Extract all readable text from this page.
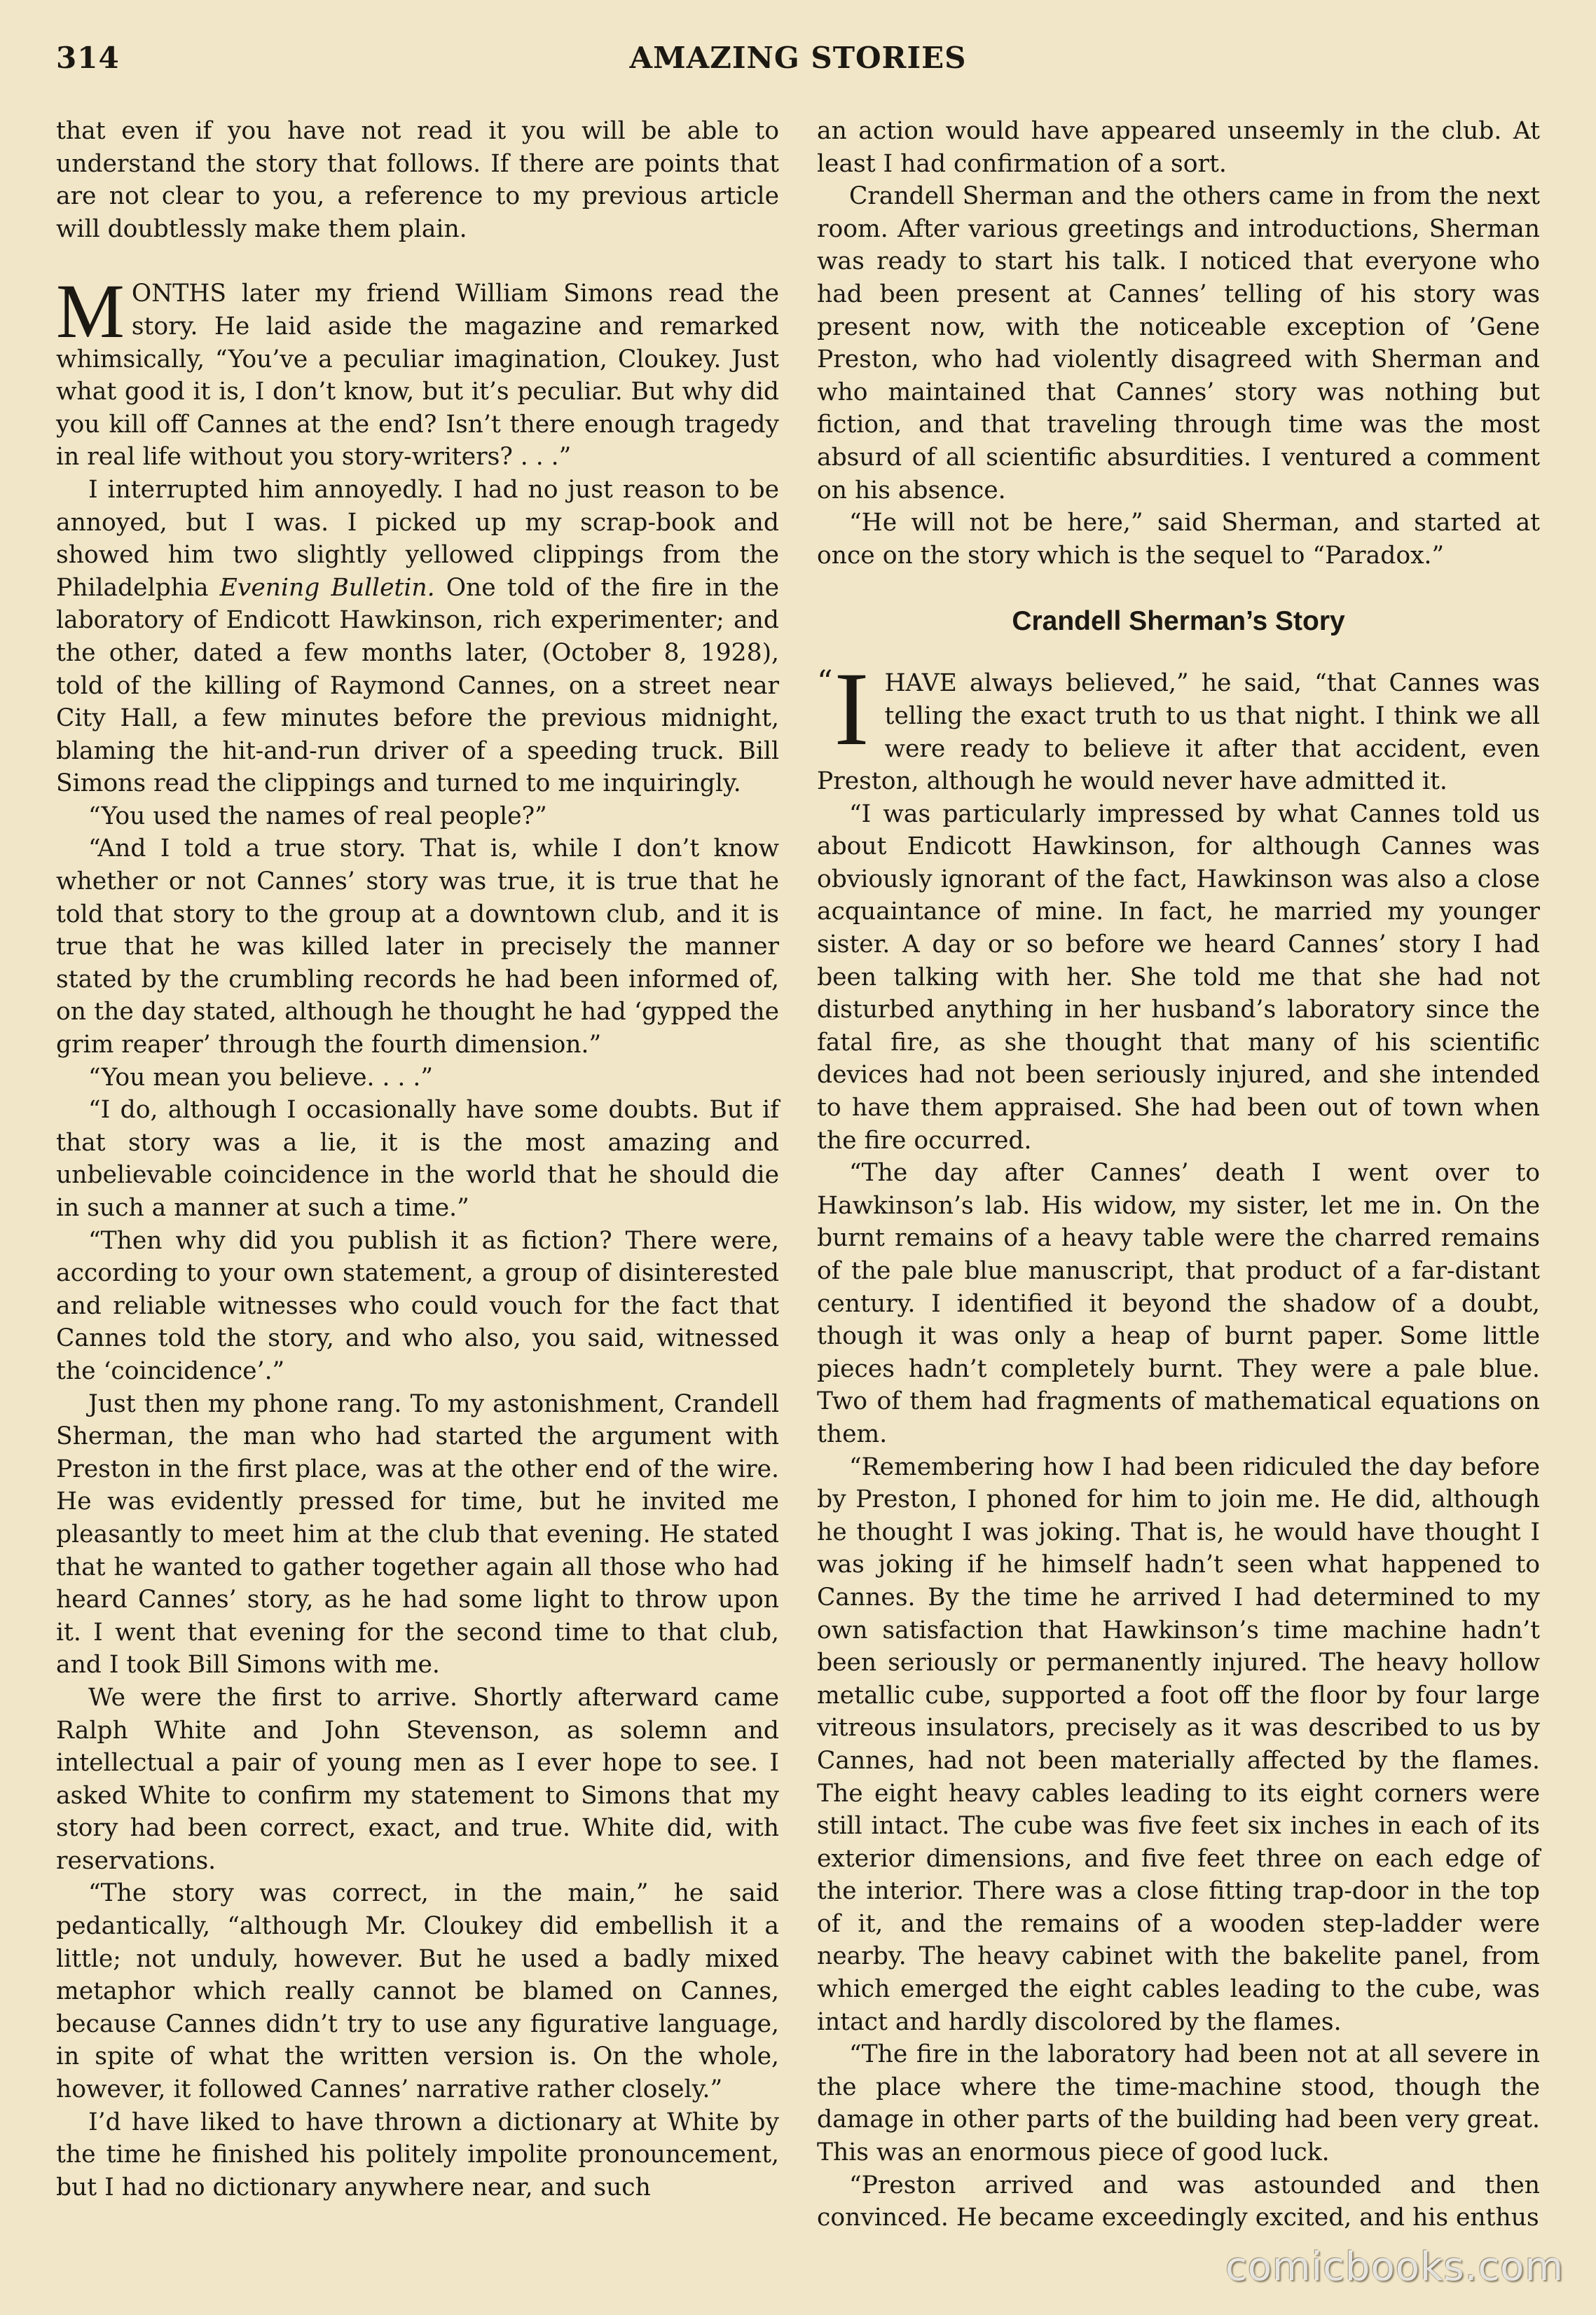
314	AMAZING STORIES

that even if you have not read it you will be able to understand the story that follows. If there are points that are not clear to you, a reference to my previous article will doubtlessly make them plain.

MONTHS later my friend William Simons read the story. He laid aside the magazine and remarked whimsically, “You’ve a peculiar imagination, Cloukey. Just what good it is, I don’t know, but it’s peculiar. But why did you kill off Cannes at the end? Isn’t there enough tragedy in real life without you story-writers? . . .”

I interrupted him annoyedly. I had no just reason to be annoyed, but I was. I picked up my scrap-book and showed him two slightly yellowed clippings from the Philadelphia Evening Bulletin. One told of the fire in the laboratory of Endicott Hawkinson, rich experimenter; and the other, dated a few months later, (October 8, 1928), told of the killing of Raymond Cannes, on a street near City Hall, a few minutes before the previous midnight, blaming the hit-and-run driver of a speeding truck. Bill Simons read the clippings and turned to me inquiringly.

“You used the names of real people?”

“And I told a true story. That is, while I don’t know whether or not Cannes’ story was true, it is true that he told that story to the group at a downtown club, and it is true that he was killed later in precisely the manner stated by the crumbling records he had been informed of, on the day stated, although he thought he had ‘gypped the grim reaper’ through the fourth dimension.”

“You mean you believe. . . .”

“I do, although I occasionally have some doubts. But if that story was a lie, it is the most amazing and unbelievable coincidence in the world that he should die in such a manner at such a time.”

“Then why did you publish it as fiction? There were, according to your own statement, a group of disinterested and reliable witnesses who could vouch for the fact that Cannes told the story, and who also, you said, witnessed the ‘coincidence’.”

Just then my phone rang. To my astonishment, Crandell Sherman, the man who had started the argument with Preston in the first place, was at the other end of the wire. He was evidently pressed for time, but he invited me pleasantly to meet him at the club that evening. He stated that he wanted to gather together again all those who had heard Cannes’ story, as he had some light to throw upon it. I went that evening for the second time to that club, and I took Bill Simons with me.

We were the first to arrive. Shortly afterward came Ralph White and John Stevenson, as solemn and intellectual a pair of young men as I ever hope to see. I asked White to confirm my statement to Simons that my story had been correct, exact, and true. White did, with reservations.

“The story was correct, in the main,” he said pedantically, “although Mr. Cloukey did embellish it a little; not unduly, however. But he used a badly mixed metaphor which really cannot be blamed on Cannes, because Cannes didn’t try to use any figurative language, in spite of what the written version is. On the whole, however, it followed Cannes’ narrative rather closely.”

I’d have liked to have thrown a dictionary at White by the time he finished his politely impolite pronouncement, but I had no dictionary anywhere near, and such

an action would have appeared unseemly in the club. At least I had confirmation of a sort.

Crandell Sherman and the others came in from the next room. After various greetings and introductions, Sherman was ready to start his talk. I noticed that everyone who had been present at Cannes’ telling of his story was present now, with the noticeable exception of ’Gene Preston, who had violently disagreed with Sherman and who maintained that Cannes’ story was nothing but fiction, and that traveling through time was the most absurd of all scientific absurdities. I ventured a comment on his absence.

“He will not be here,” said Sherman, and started at once on the story which is the sequel to “Paradox.”

Crandell Sherman’s Story

“ I HAVE always believed,” he said, “that Cannes was telling the exact truth to us that night. I think we all were ready to believe it after that accident, even Preston, although he would never have admitted it.

“I was particularly impressed by what Cannes told us about Endicott Hawkinson, for although Cannes was obviously ignorant of the fact, Hawkinson was also a close acquaintance of mine. In fact, he married my younger sister. A day or so before we heard Cannes’ story I had been talking with her. She told me that she had not disturbed anything in her husband’s laboratory since the fatal fire, as she thought that many of his scientific devices had not been seriously injured, and she intended to have them appraised. She had been out of town when the fire occurred.

“The day after Cannes’ death I went over to Hawkinson’s lab. His widow, my sister, let me in. On the burnt remains of a heavy table were the charred remains of the pale blue manuscript, that product of a far-distant century. I identified it beyond the shadow of a doubt, though it was only a heap of burnt paper. Some little pieces hadn’t completely burnt. They were a pale blue. Two of them had fragments of mathematical equations on them.

“Remembering how I had been ridiculed the day before by Preston, I phoned for him to join me. He did, although he thought I was joking. That is, he would have thought I was joking if he himself hadn’t seen what happened to Cannes. By the time he arrived I had determined to my own satisfaction that Hawkinson’s time machine hadn’t been seriously or permanently injured. The heavy hollow metallic cube, supported a foot off the floor by four large vitreous insulators, precisely as it was described to us by Cannes, had not been materially affected by the flames. The eight heavy cables leading to its eight corners were still intact. The cube was five feet six inches in each of its exterior dimensions, and five feet three on each edge of the interior. There was a close fitting trap-door in the top of it, and the remains of a wooden step-ladder were nearby. The heavy cabinet with the bakelite panel, from which emerged the eight cables leading to the cube, was intact and hardly discolored by the flames.

“The fire in the laboratory had been not at all severe in the place where the time-machine stood, though the damage in other parts of the building had been very great. This was an enormous piece of good luck.

“Preston arrived and was astounded and then convinced. He became exceedingly excited, and his enthus

comicbooks.com
